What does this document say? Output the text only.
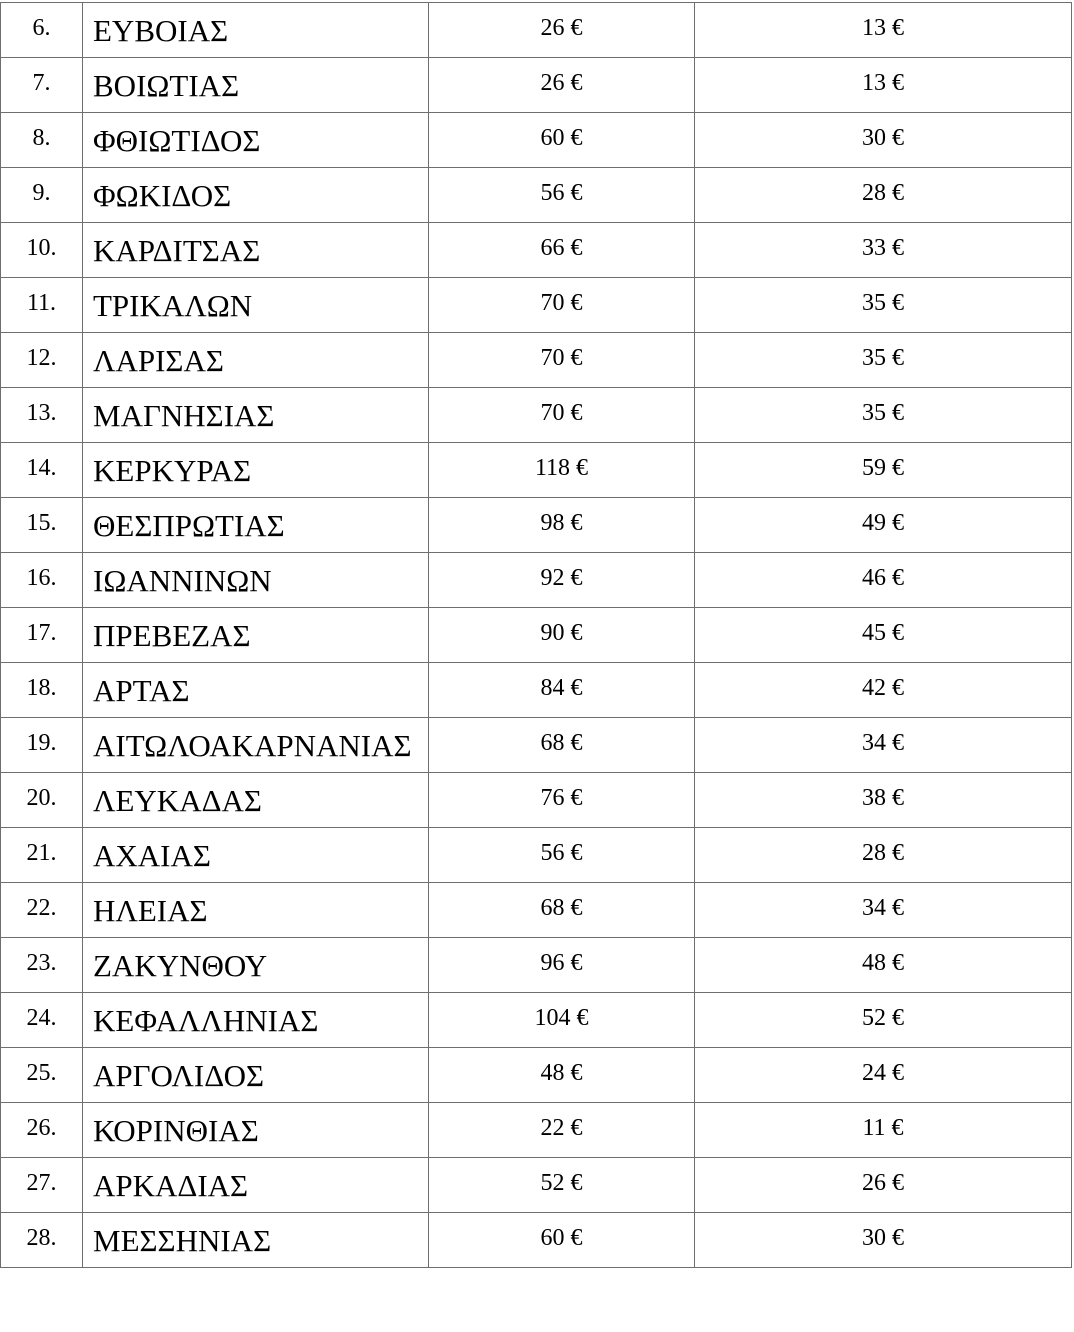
6.	ΕΥΒΟΙΑΣ	26 €	13 €
7.	ΒΟΙΩΤΙΑΣ	26 €	13 €
8.	ΦΘΙΩΤΙΔΟΣ	60 €	30 €
9.	ΦΩΚΙΔΟΣ	56 €	28 €
10.	ΚΑΡΔΙΤΣΑΣ	66 €	33 €
11.	ΤΡΙΚΑΛΩΝ	70 €	35 €
12.	ΛΑΡΙΣΑΣ	70 €	35 €
13.	ΜΑΓΝΗΣΙΑΣ	70 €	35 €
14.	ΚΕΡΚΥΡΑΣ	118 €	59 €
15.	ΘΕΣΠΡΩΤΙΑΣ	98 €	49 €
16.	ΙΩΑΝΝΙΝΩΝ	92 €	46 €
17.	ΠΡΕΒΕΖΑΣ	90 €	45 €
18.	ΑΡΤΑΣ	84 €	42 €
19.	ΑΙΤΩΛΟΑΚΑΡΝΑΝΙΑΣ	68 €	34 €
20.	ΛΕΥΚΑΔΑΣ	76 €	38 €
21.	ΑΧΑΙΑΣ	56 €	28 €
22.	ΗΛΕΙΑΣ	68 €	34 €
23.	ΖΑΚΥΝΘΟΥ	96 €	48 €
24.	ΚΕΦΑΛΛΗΝΙΑΣ	104 €	52 €
25.	ΑΡΓΟΛΙΔΟΣ	48 €	24 €
26.	ΚΟΡΙΝΘΙΑΣ	22 €	11 €
27.	ΑΡΚΑΔΙΑΣ	52 €	26 €
28.	ΜΕΣΣΗΝΙΑΣ	60 €	30 €
